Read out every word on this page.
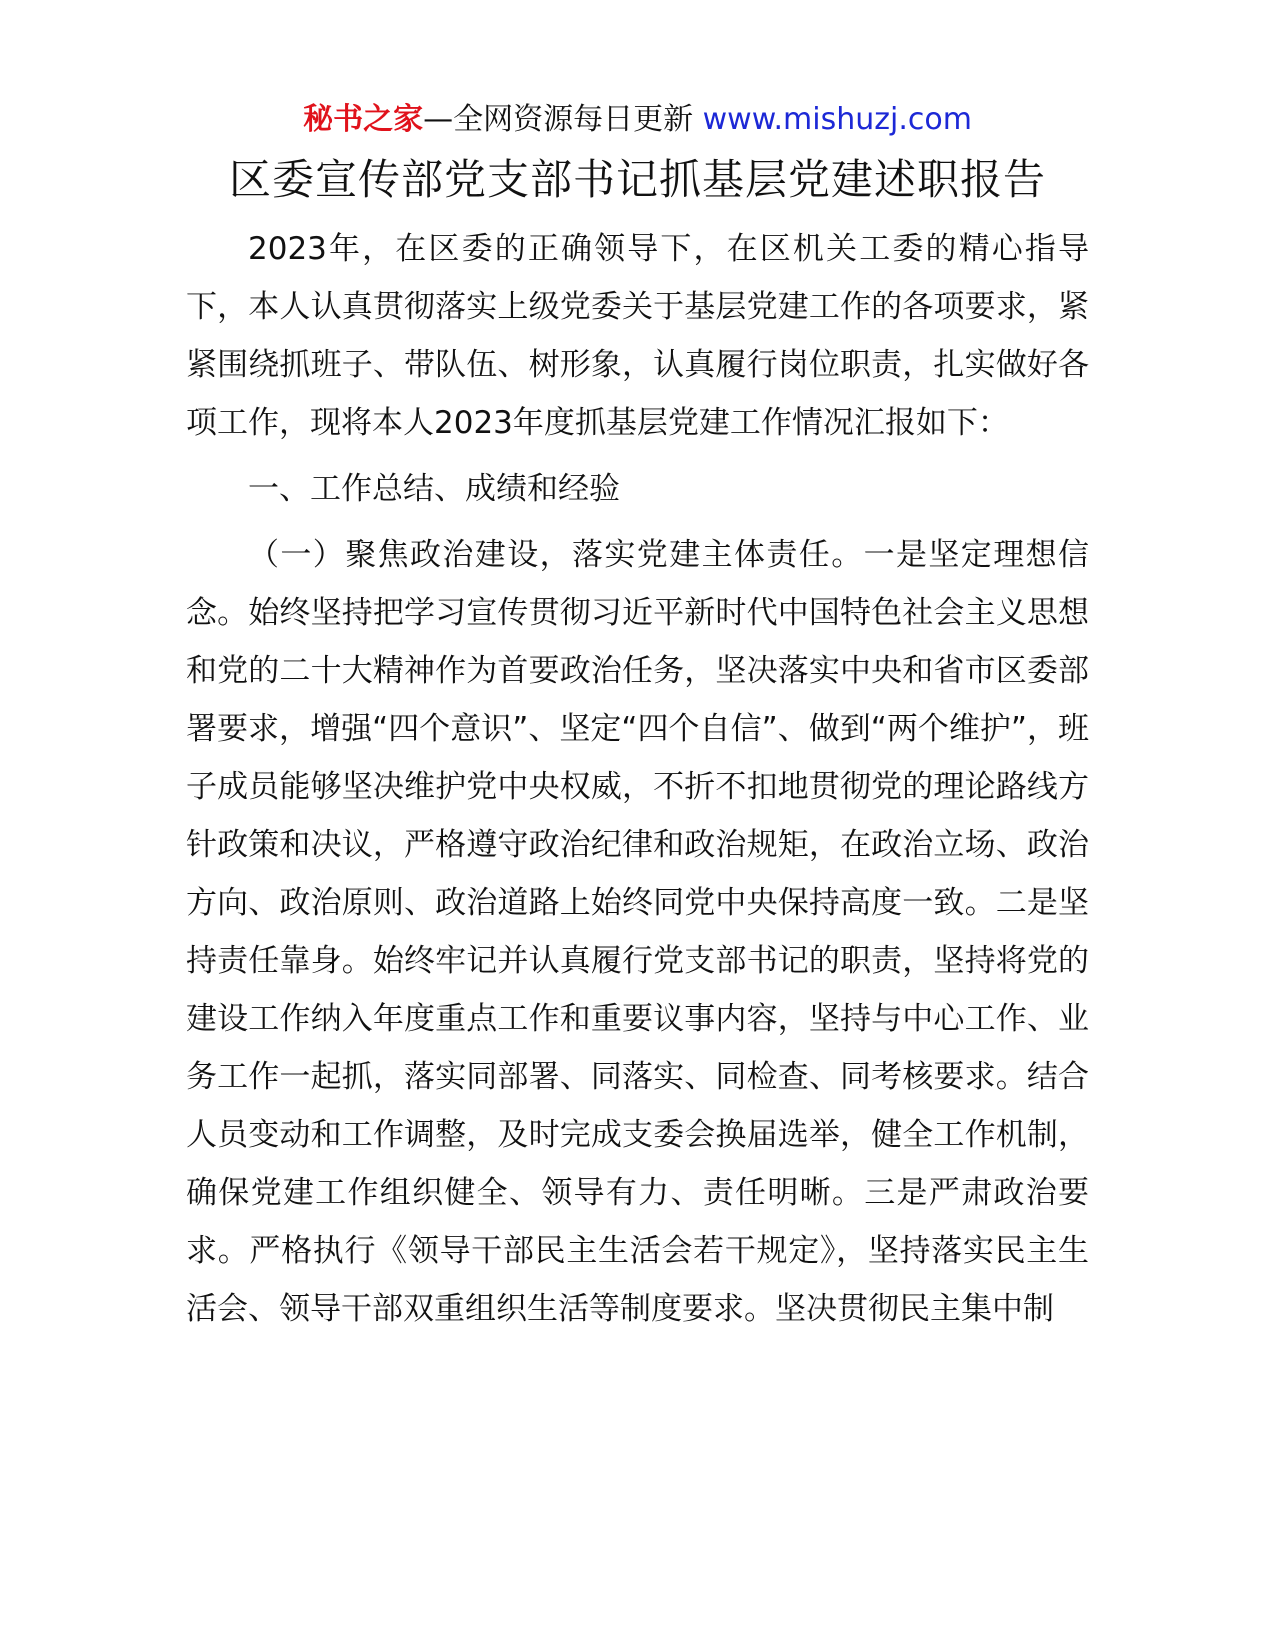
秘书之家—全网资源每日更新 www.mishuzj.com
区委宣传部党支部书记抓基层党建述职报告

2023年，在区委的正确领导下，在区机关工委的精心指导下，本人认真贯彻落实上级党委关于基层党建工作的各项要求，紧紧围绕抓班子、带队伍、树形象，认真履行岗位职责，扎实做好各项工作，现将本人2023年度抓基层党建工作情况汇报如下：

一、工作总结、成绩和经验

（一）聚焦政治建设，落实党建主体责任。一是坚定理想信念。始终坚持把学习宣传贯彻习近平新时代中国特色社会主义思想和党的二十大精神作为首要政治任务，坚决落实中央和省市区委部署要求，增强“四个意识”、坚定“四个自信”、做到“两个维护”，班子成员能够坚决维护党中央权威，不折不扣地贯彻党的理论路线方针政策和决议，严格遵守政治纪律和政治规矩，在政治立场、政治方向、政治原则、政治道路上始终同党中央保持高度一致。二是坚持责任靠身。始终牢记并认真履行党支部书记的职责，坚持将党的建设工作纳入年度重点工作和重要议事内容，坚持与中心工作、业务工作一起抓，落实同部署、同落实、同检查、同考核要求。结合人员变动和工作调整，及时完成支委会换届选举，健全工作机制，确保党建工作组织健全、领导有力、责任明晰。三是严肃政治要求。严格执行《领导干部民主生活会若干规定》，坚持落实民主生活会、领导干部双重组织生活等制度要求。坚决贯彻民主集中制
